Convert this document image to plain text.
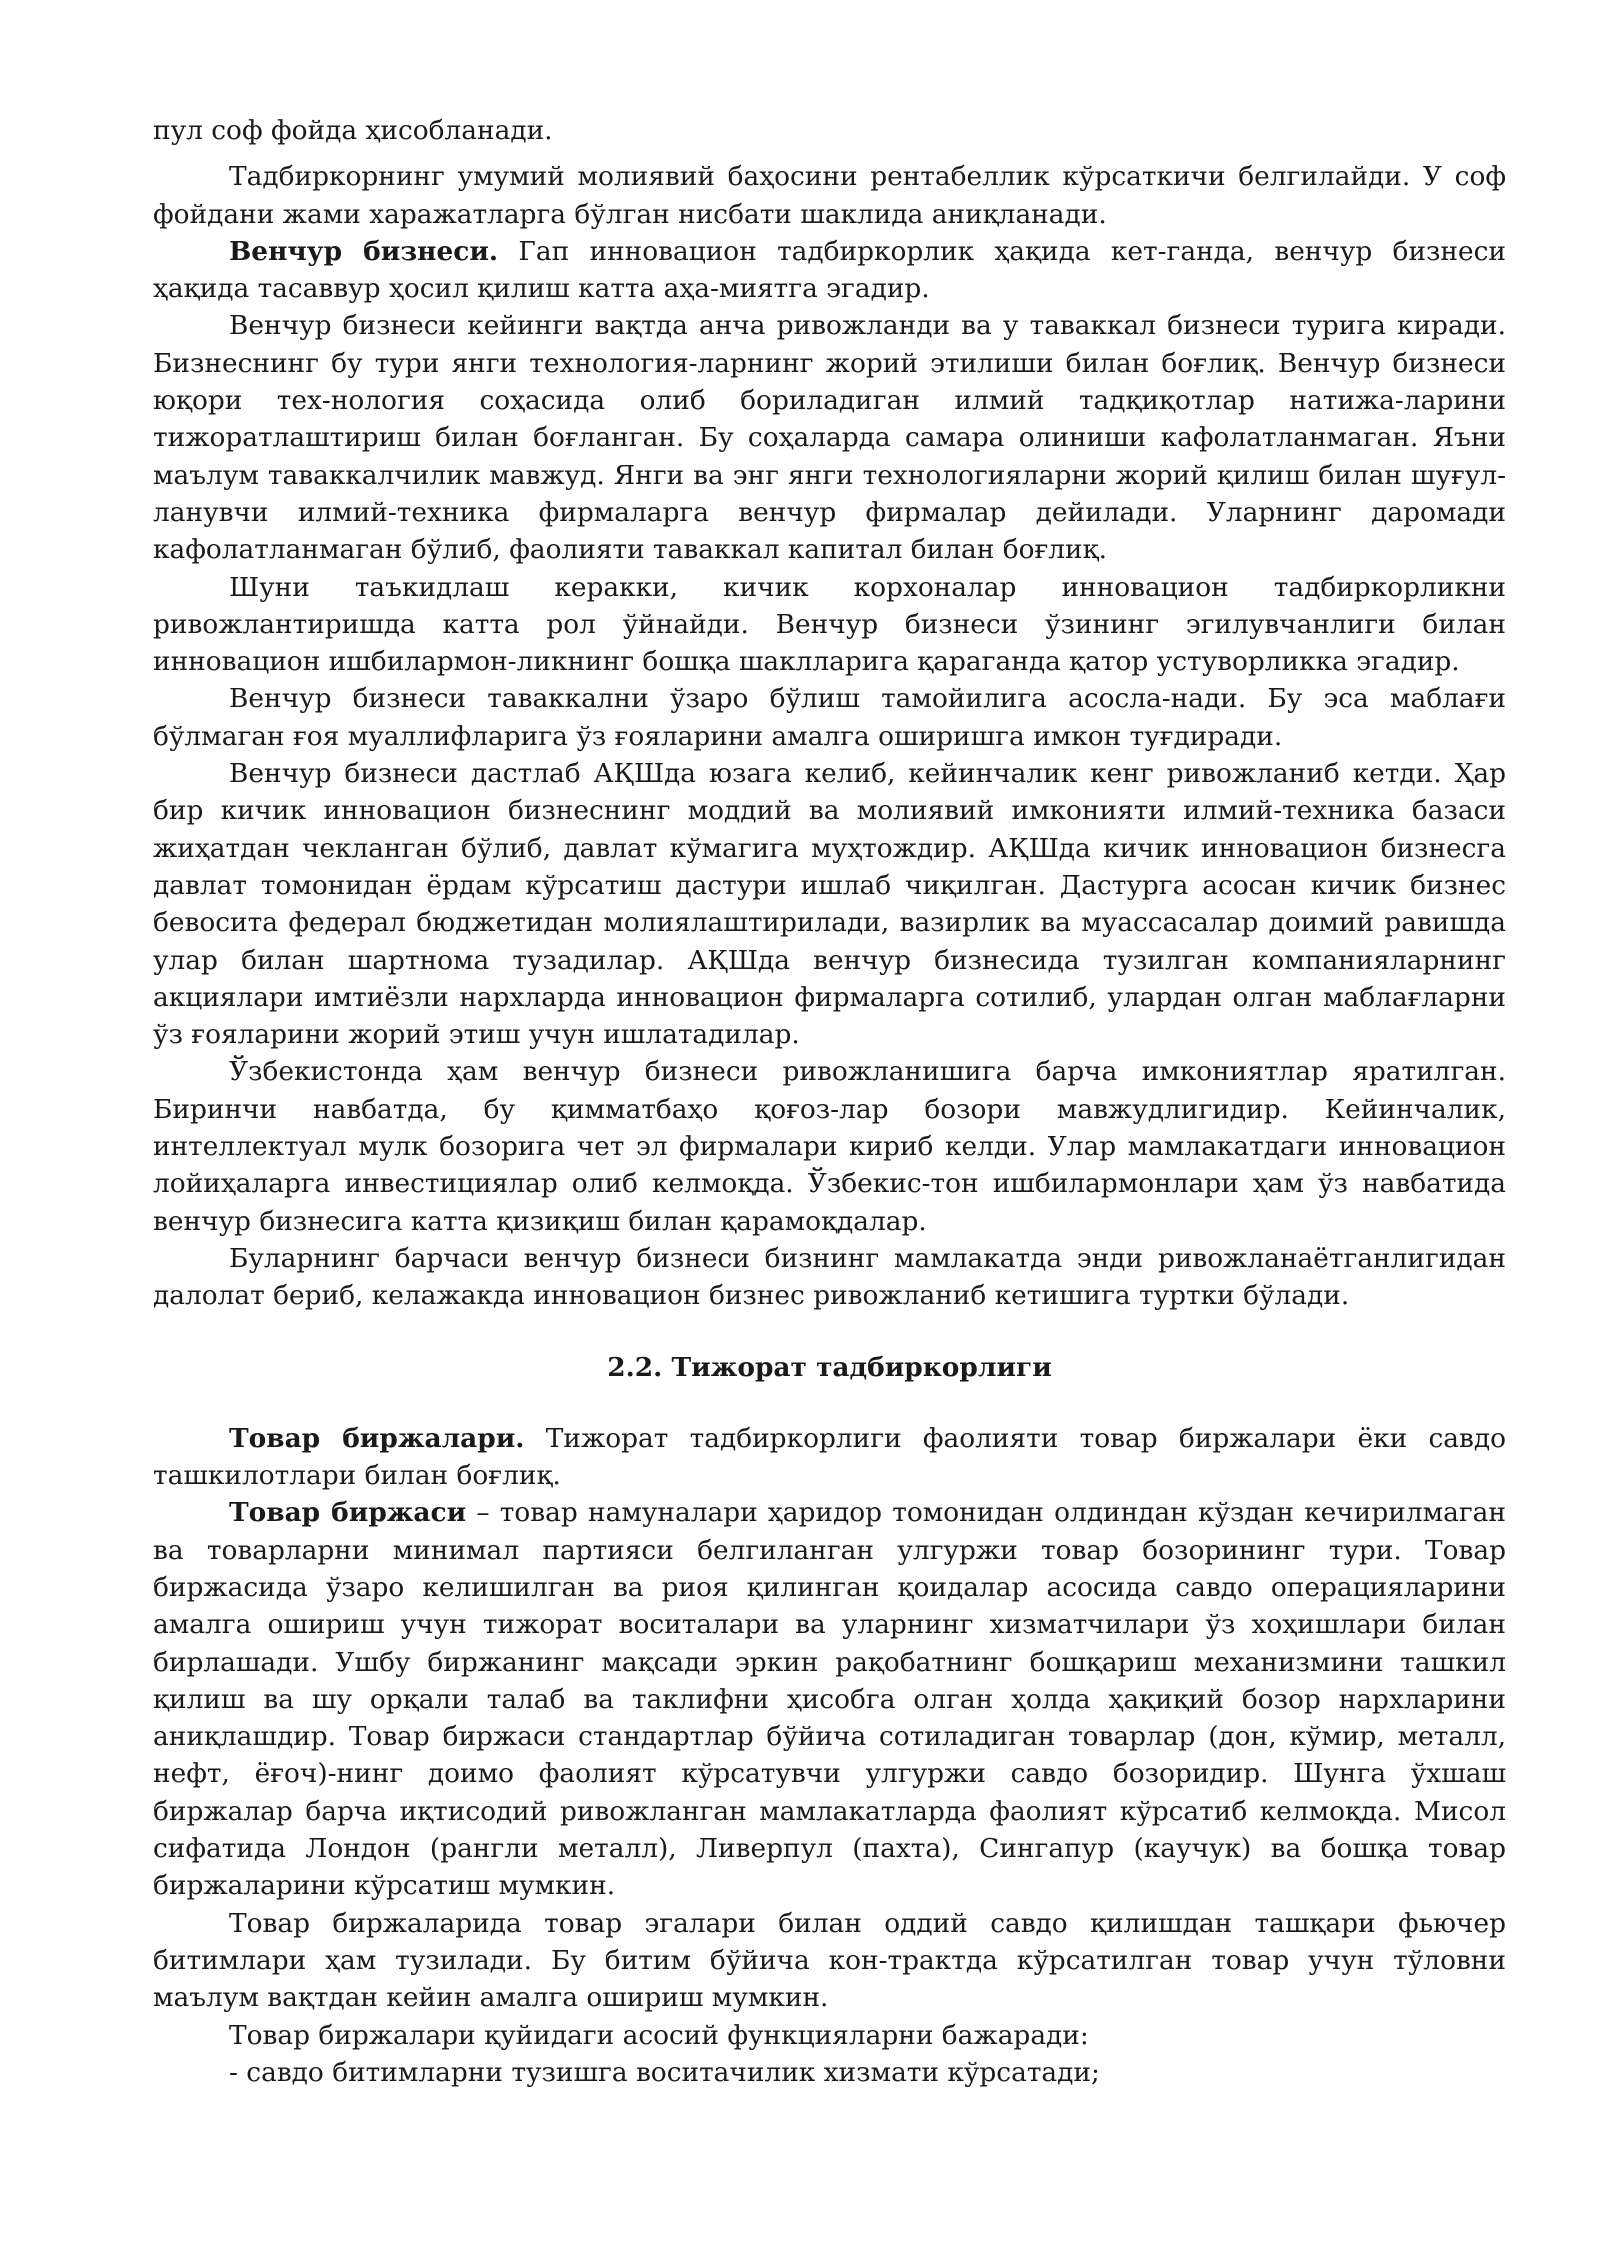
пул соф фойда ҳисобланади.

Тадбиркорнинг умумий молиявий баҳосини рентабеллик кўрсаткичи белгилайди. У соф фойдани жами харажатларга бўлган нисбати шаклида аниқланади.

Венчур бизнеси. Гап инновацион тадбиркорлик ҳақида кет-ганда, венчур бизнеси ҳақида тасаввур ҳосил қилиш катта аҳа-миятга эгадир.

Венчур бизнеси кейинги вақтда анча ривожланди ва у таваккал бизнеси турига киради. Бизнеснинг бу тури янги технология-ларнинг жорий этилиши билан боғлиқ. Венчур бизнеси юқори тех-нология соҳасида олиб бориладиган илмий тадқиқотлар натижа-ларини тижоратлаштириш билан боғланган. Бу соҳаларда самара олиниши кафолатланмаган. Яъни маълум таваккалчилик мавжуд. Янги ва энг янги технологияларни жорий қилиш билан шуғул-ланувчи илмий-техника фирмаларга венчур фирмалар дейилади. Уларнинг даромади кафолатланмаган бўлиб, фаолияти таваккал капитал билан боғлиқ.

Шуни таъкидлаш керакки, кичик корхоналар инновацион тадбиркорликни ривожлантиришда катта рол ўйнайди. Венчур бизнеси ўзининг эгилувчанлиги билан инновацион ишбилармон-ликнинг бошқа шаклларига қараганда қатор устуворликка эгадир.

Венчур бизнеси таваккални ўзаро бўлиш тамойилига асосла-нади. Бу эса маблағи бўлмаган ғоя муаллифларига ўз ғояларини амалга оширишга имкон туғдиради.

Венчур бизнеси дастлаб АҚШда юзага келиб, кейинчалик кенг ривожланиб кетди. Ҳар бир кичик инновацион бизнеснинг моддий ва молиявий имконияти илмий-техника базаси жиҳатдан чекланган бўлиб, давлат кўмагига муҳтождир. АҚШда кичик инновацион бизнесга давлат томонидан ёрдам кўрсатиш дастури ишлаб чиқилган. Дастурга асосан кичик бизнес бевосита федерал бюджетидан молиялаштирилади, вазирлик ва муассасалар доимий равишда улар билан шартнома тузадилар. АҚШда венчур бизнесида тузилган компанияларнинг акциялари имтиёзли нархларда инновацион фирмаларга сотилиб, улардан олган маблағларни ўз ғояларини жорий этиш учун ишлатадилар.

Ўзбекистонда ҳам венчур бизнеси ривожланишига барча имкониятлар яратилган. Биринчи навбатда, бу қимматбаҳо қоғоз-лар бозори мавжудлигидир. Кейинчалик, интеллектуал мулк бозорига чет эл фирмалари кириб келди. Улар мамлакатдаги инновацион лойиҳаларга инвестициялар олиб келмоқда. Ўзбекис-тон ишбилармонлари ҳам ўз навбатида венчур бизнесига катта қизиқиш билан қарамоқдалар.

Буларнинг барчаси венчур бизнеси бизнинг мамлакатда энди ривожланаётганлигидан далолат бериб, келажакда инновацион бизнес ривожланиб кетишига туртки бўлади.

2.2. Тижорат тадбиркорлиги

Товар биржалари. Тижорат тадбиркорлиги фаолияти товар биржалари ёки савдо ташкилотлари билан боғлиқ.

Товар биржаси – товар намуналари ҳаридор томонидан олдиндан кўздан кечирилмаган ва товарларни минимал партияси белгиланган улгуржи товар бозорининг тури. Товар биржасида ўзаро келишилган ва риоя қилинган қоидалар асосида савдо операцияларини амалга ошириш учун тижорат воситалари ва уларнинг хизматчилари ўз хоҳишлари билан бирлашади. Ушбу биржанинг мақсади эркин рақобатнинг бошқариш механизмини ташкил қилиш ва шу орқали талаб ва таклифни ҳисобга олган ҳолда ҳақиқий бозор нархларини аниқлашдир. Товар биржаси стандартлар бўйича сотиладиган товарлар (дон, кўмир, металл, нефт, ёғоч)-нинг доимо фаолият кўрсатувчи улгуржи савдо бозоридир. Шунга ўхшаш биржалар барча иқтисодий ривожланган мамлакатларда фаолият кўрсатиб келмоқда. Мисол сифатида Лондон (рангли металл), Ливерпул (пахта), Сингапур (каучук) ва бошқа товар биржаларини кўрсатиш мумкин.

Товар биржаларида товар эгалари билан оддий савдо қилишдан ташқари фьючер битимлари ҳам тузилади. Бу битим бўйича кон-трактда кўрсатилган товар учун тўловни маълум вақтдан кейин амалга ошириш мумкин.

Товар биржалари қуйидаги асосий функцияларни бажаради:

- савдо битимларни тузишга воситачилик хизмати кўрсатади;
